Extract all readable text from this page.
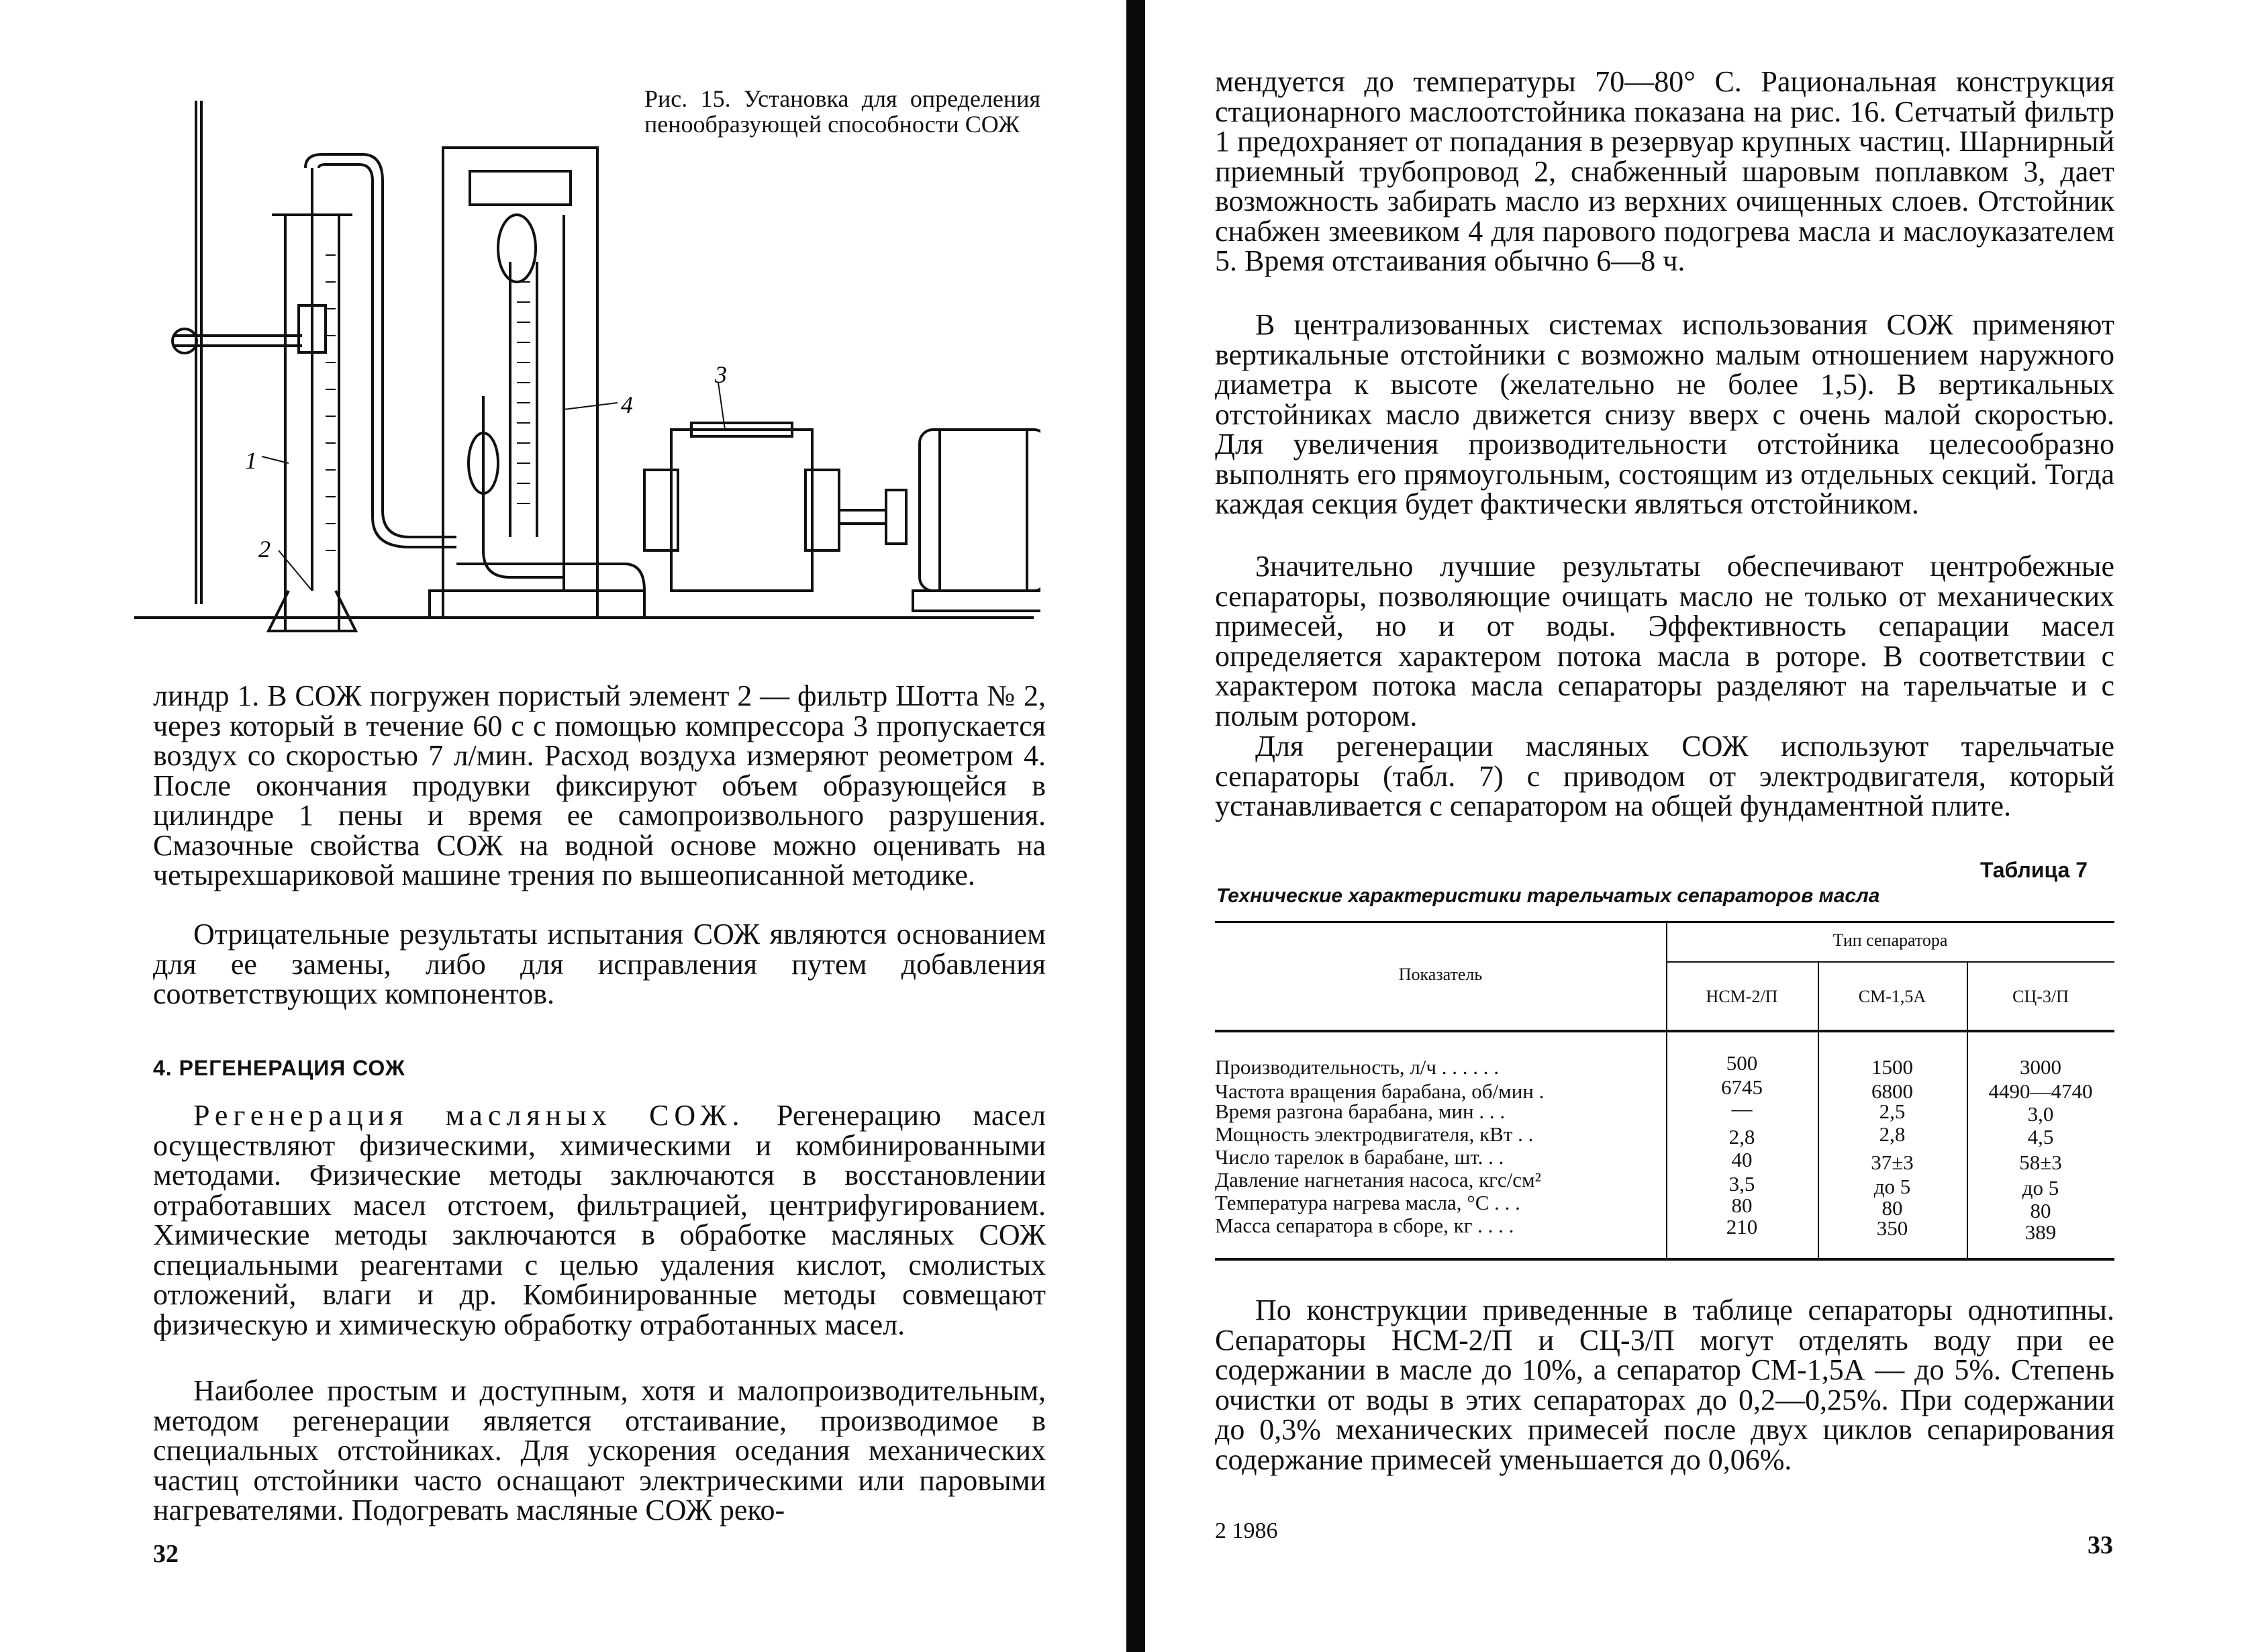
4
3
1
2
Рис. 15. Установка для определения пенообразующей способности СОЖ
линдр 1. В СОЖ погружен пористый элемент 2 — фильтр Шотта № 2, через который в течение 60 с с помощью компрессора 3 пропускается воздух со скоростью 7 л/мин. Расход воздуха измеряют реометром 4. После окончания продувки фиксируют объем образующейся в цилиндре 1 пены и время ее самопроизвольного разрушения. Смазочные свойства СОЖ на водной основе можно оценивать на четырехшариковой машине трения по вышеописанной методике.
Отрицательные результаты испытания СОЖ являются основанием для ее замены, либо для исправления путем добавления соответствующих компонентов.
4. РЕГЕНЕРАЦИЯ СОЖ
Регенерация масляных СОЖ. Регенерацию масел осуществляют физическими, химическими и комбинированными методами. Физические методы заключаются в восстановлении отработавших масел отстоем, фильтрацией, центрифугированием. Химические методы заключаются в обработке масляных СОЖ специальными реагентами с целью удаления кислот, смолистых отложений, влаги и др. Комбинированные методы совмещают физическую и химическую обработку отработанных масел.
Наиболее простым и доступным, хотя и малопроизводительным, методом регенерации является отстаивание, производимое в специальных отстойниках. Для ускорения оседания механических частиц отстойники часто оснащают электрическими или паровыми нагревателями. Подогревать масляные СОЖ реко-
32
мендуется до температуры 70—80° С. Рациональная конструкция стационарного маслоотстойника показана на рис. 16. Сетчатый фильтр 1 предохраняет от попадания в резервуар крупных частиц. Шарнирный приемный трубопровод 2, снабженный шаровым поплавком 3, дает возможность забирать масло из верхних очищенных слоев. Отстойник снабжен змеевиком 4 для парового подогрева масла и маслоуказателем 5. Время отстаивания обычно 6—8 ч.
В централизованных системах использования СОЖ применяют вертикальные отстойники с возможно малым отношением наружного диаметра к высоте (желательно не более 1,5). В вертикальных отстойниках масло движется снизу вверх с очень малой скоростью. Для увеличения производительности отстойника целесообразно выполнять его прямоугольным, состоящим из отдельных секций. Тогда каждая секция будет фактически являться отстойником.
Значительно лучшие результаты обеспечивают центробежные сепараторы, позволяющие очищать масло не только от механических примесей, но и от воды. Эффективность сепарации масел определяется характером потока масла в роторе. В соответствии с характером потока масла сепараторы разделяют на тарельчатые и с полым ротором.
Для регенерации масляных СОЖ используют тарельчатые сепараторы (табл. 7) с приводом от электродвигателя, который устанавливается с сепаратором на общей фундаментной плите.
Таблица 7
Технические характеристики тарельчатых сепараторов масла
Показатель
Тип сепаратора
НСМ-2/П	СМ-1,5А	СЦ-3/П
Производительность, л/ч . . . . . .	500	1500	3000
Частота вращения барабана, об/мин .	6745	6800	4490—4740
Время разгона барабана, мин . . .	—	2,5	3,0
Мощность электродвигателя, кВт . .	2,8	2,8	4,5
Число тарелок в барабане, шт. . .	40	37±3	58±3
Давление нагнетания насоса, кгс/см²	3,5	до 5	до 5
Температура нагрева масла, °С . . .	80	80	80
Масса сепаратора в сборе, кг . . . .	210	350	389
По конструкции приведенные в таблице сепараторы однотипны. Сепараторы НСМ-2/П и СЦ-3/П могут отделять воду при ее содержании в масле до 10%, а сепаратор СМ-1,5А — до 5%. Степень очистки от воды в этих сепараторах до 0,2—0,25%. При содержании до 0,3% механических примесей после двух циклов сепарирования содержание примесей уменьшается до 0,06%.
2 1986
33
